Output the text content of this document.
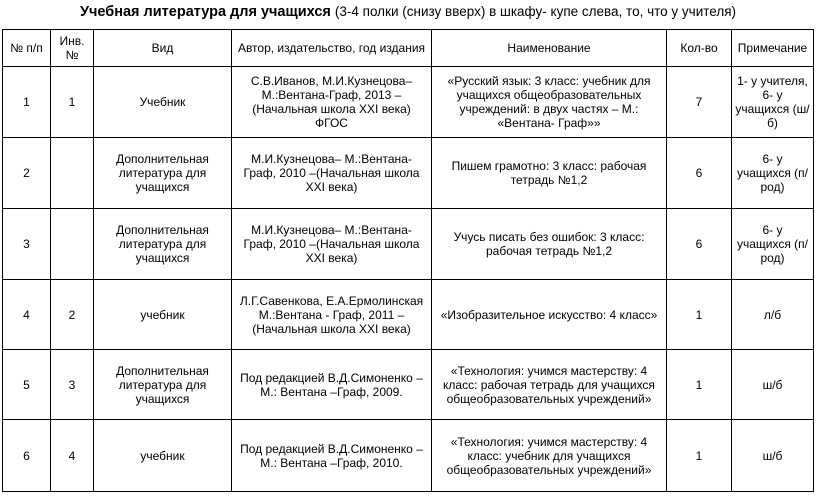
Учебная литература для учащихся (3-4 полки (снизу вверх) в шкафу- купе слева, то, что у учителя)
№ п/п	Инв. №	Вид	Автор, издательство, год издания	Наименование	Кол-во	Примечание
1	1	Учебник	С.В.Иванов, М.И.Кузнецова– М.:Вентана-Граф, 2013 – (Начальная школа XXI века) ФГОС	«Русский язык: 3 класс: учебник для учащихся общеобразовательных учреждений: в двух частях – М.: «Вентана- Граф»»	7	1- у учителя, 6- у учащихся (ш/б)
2		Дополнительная литература для учащихся	М.И.Кузнецова– М.:Вентана-Граф, 2010 –(Начальная школа XXI века)	Пишем грамотно: 3 класс: рабочая тетрадь №1,2	6	6- у учащихся (п/род)
3		Дополнительная литература для учащихся	М.И.Кузнецова– М.:Вентана-Граф, 2010 –(Начальная школа XXI века)	Учусь писать без ошибок: 3 класс: рабочая тетрадь №1,2	6	6- у учащихся (п/род)
4	2	учебник	Л.Г.Савенкова, Е.А.Ермолинская М.:Вентана - Граф, 2011 – (Начальная школа XXI века)	«Изобразительное искусство: 4 класс»	1	л/б
5	3	Дополнительная литература для учащихся	Под редакцией В.Д.Симоненко – М.: Вентана –Граф, 2009.	«Технология: учимся мастерству: 4 класс: рабочая тетрадь для учащихся общеобразовательных учреждений»	1	ш/б
6	4	учебник	Под редакцией В.Д.Симоненко – М.: Вентана –Граф, 2010.	«Технология: учимся мастерству: 4 класс: учебник для учащихся общеобразовательных учреждений»	1	ш/б
